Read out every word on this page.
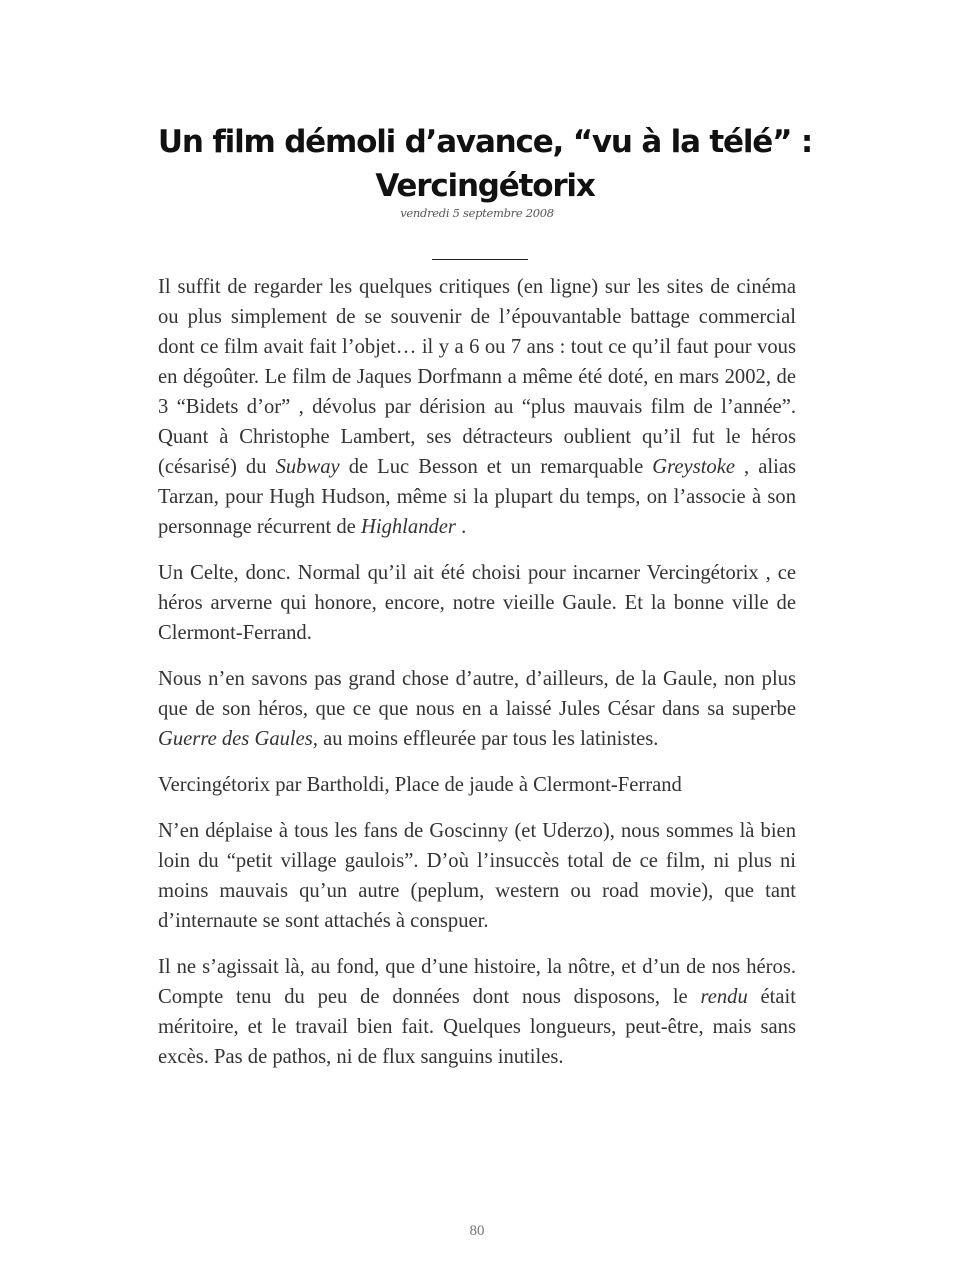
Un film démoli d’avance, “vu à la télé” : Vercingétorix
vendredi 5 septembre 2008

Il suffit de regarder les quelques critiques (en ligne) sur les sites de cinéma ou plus simplement de se souvenir de l’épouvantable battage commercial dont ce film avait fait l’objet… il y a 6 ou 7 ans : tout ce qu’il faut pour vous en dégoûter. Le film de Jaques Dorfmann a même été doté, en mars 2002, de 3 “Bidets d’or” , dévolus par dérision au “plus mauvais film de l’année”. Quant à Christophe Lambert, ses détracteurs oublient qu’il fut le héros (césarisé) du Subway de Luc Besson et un remarquable Greystoke , alias Tarzan, pour Hugh Hudson, même si la plupart du temps, on l’associe à son personnage récurrent de Highlander .

Un Celte, donc. Normal qu’il ait été choisi pour incarner Vercingétorix , ce héros arverne qui honore, encore, notre vieille Gaule. Et la bonne ville de Clermont-Ferrand.

Nous n’en savons pas grand chose d’autre, d’ailleurs, de la Gaule, non plus que de son héros, que ce que nous en a laissé Jules César dans sa superbe Guerre des Gaules, au moins effleurée par tous les latinistes.

Vercingétorix par Bartholdi, Place de jaude à Clermont-Ferrand

N’en déplaise à tous les fans de Goscinny (et Uderzo), nous sommes là bien loin du “petit village gaulois”. D’où l’insuccès total de ce film, ni plus ni moins mauvais qu’un autre (peplum, western ou road movie), que tant d’internaute se sont attachés à conspuer.

Il ne s’agissait là, au fond, que d’une histoire, la nôtre, et d’un de nos héros. Compte tenu du peu de données dont nous disposons, le rendu était méritoire, et le travail bien fait. Quelques longueurs, peut-être, mais sans excès. Pas de pathos, ni de flux sanguins inutiles.

80
